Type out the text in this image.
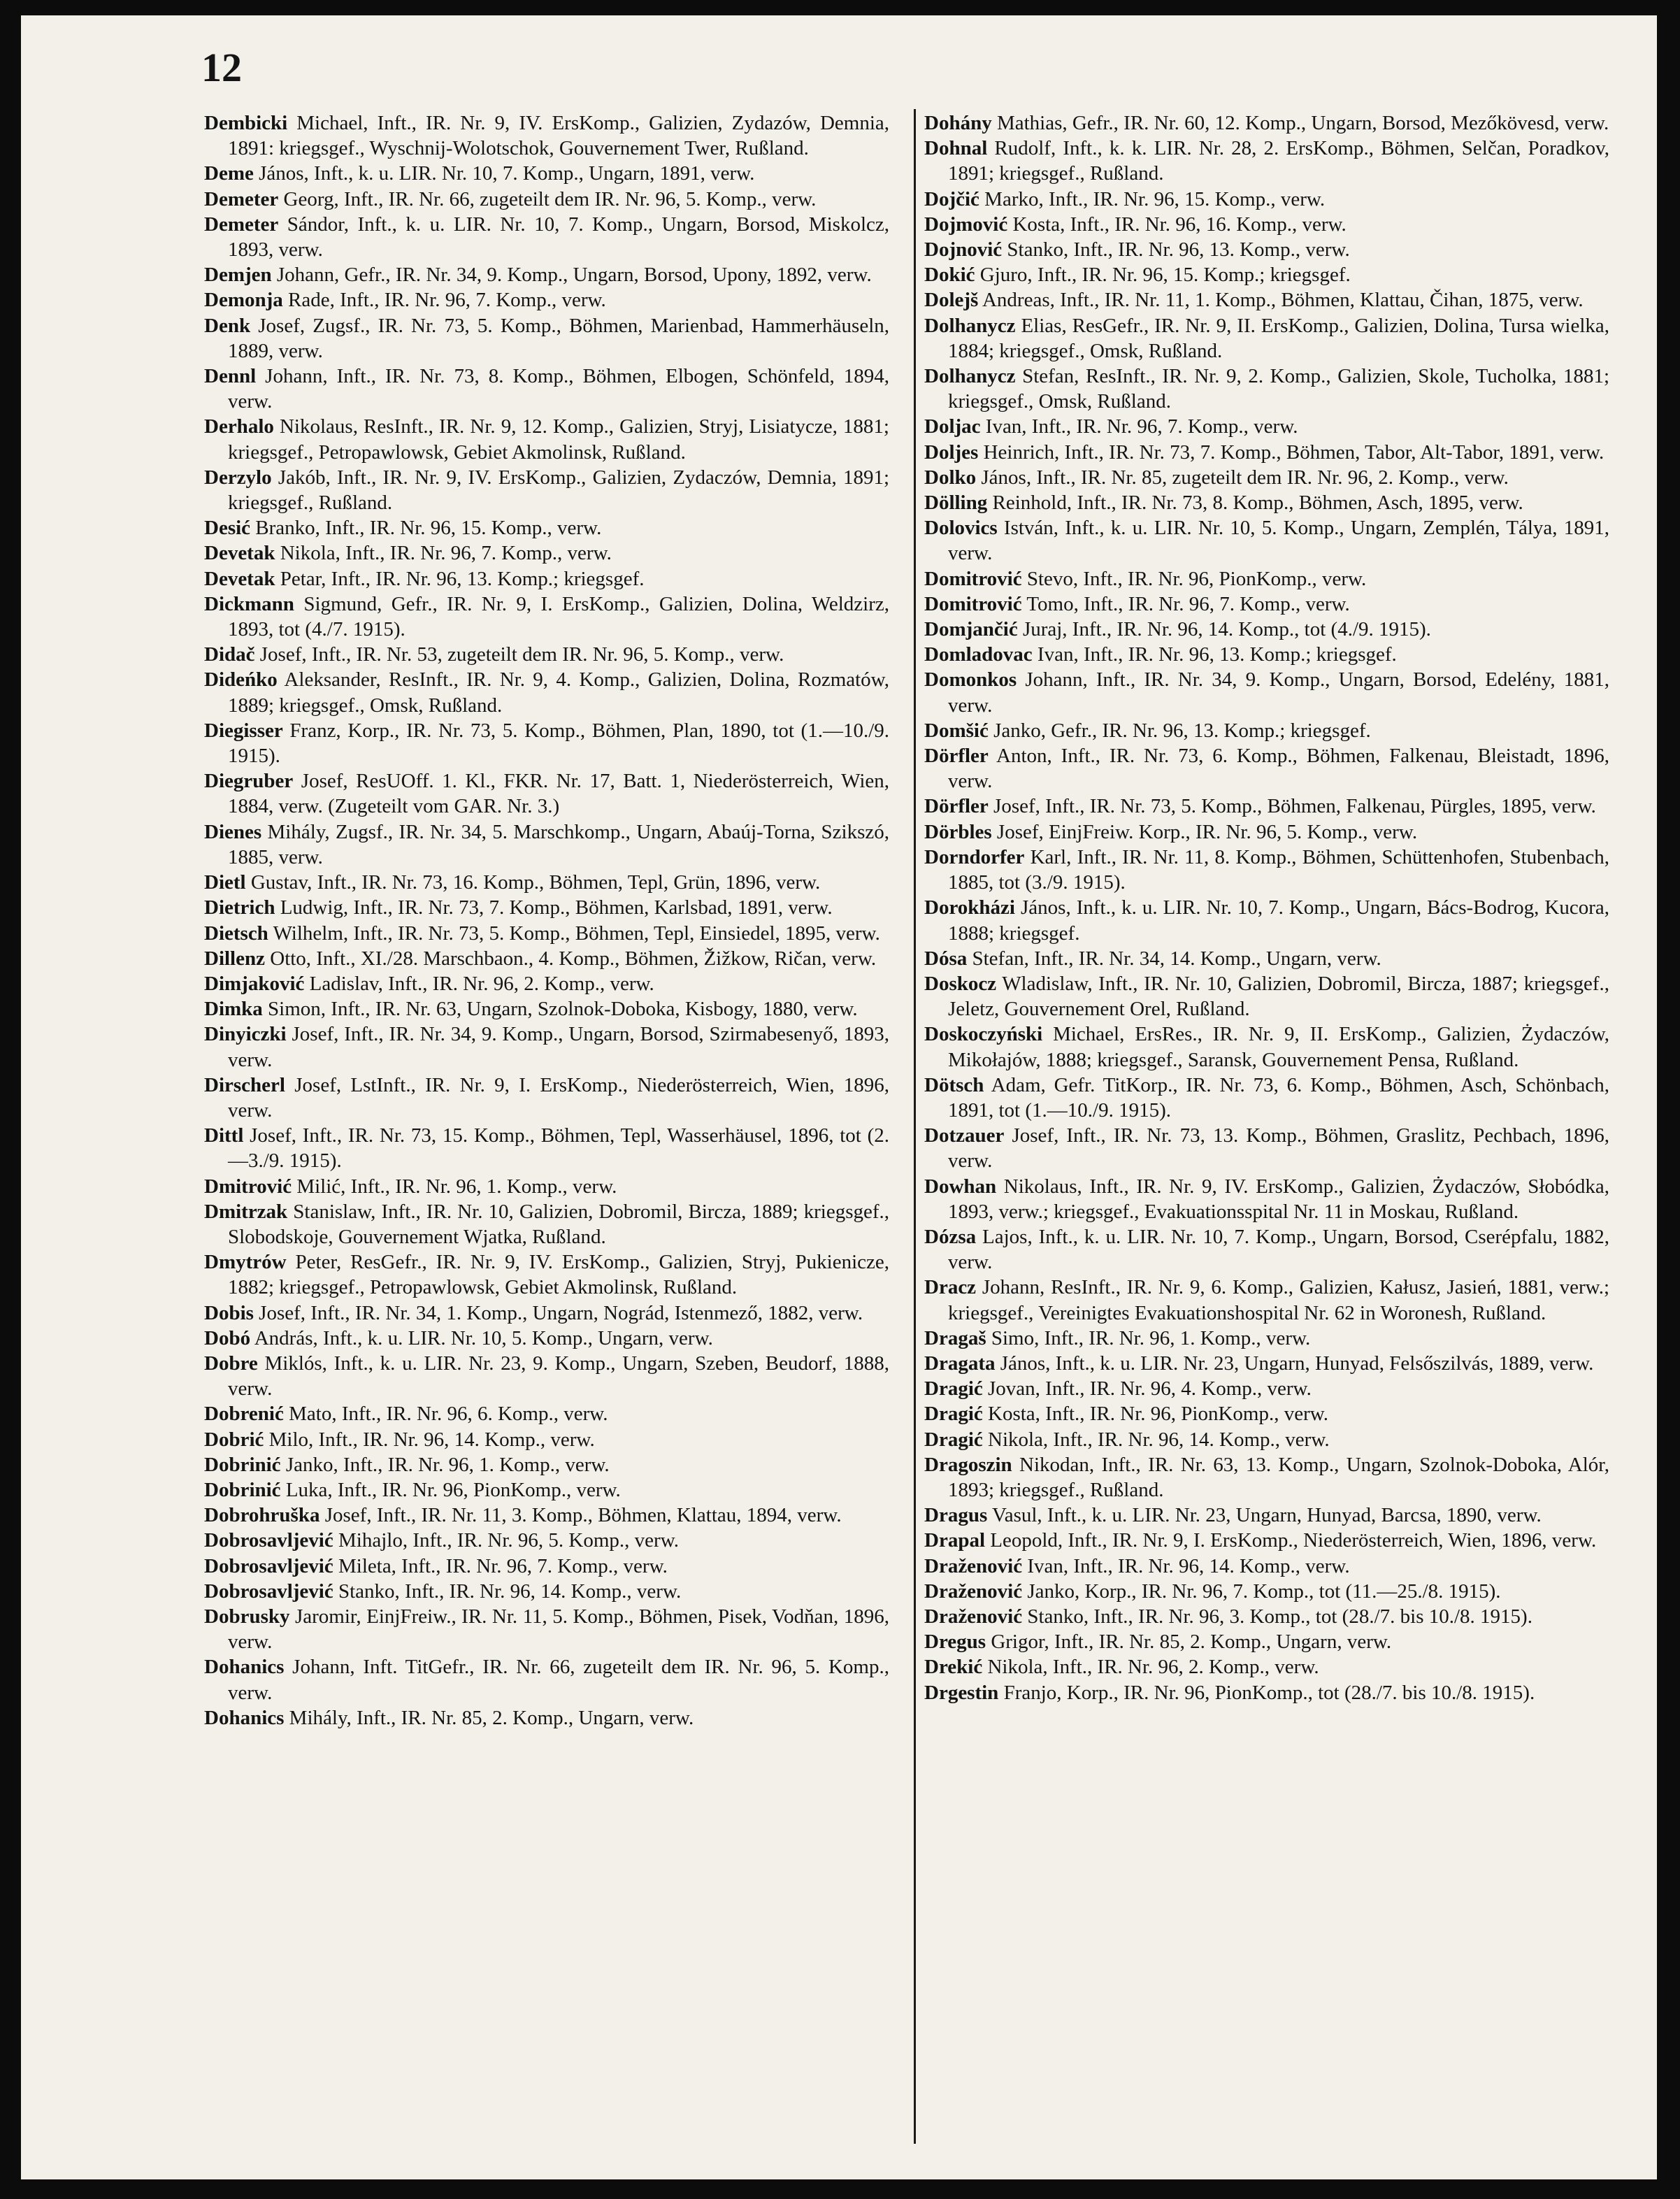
12

Dembicki Michael, Inft., IR. Nr. 9, IV. ErsKomp., Galizien, Zydazów, Demnia, 1891: kriegsgef., Wyschnij-Wolotschok, Gouvernement Twer, Rußland.

Deme János, Inft., k. u. LIR. Nr. 10, 7. Komp., Ungarn, 1891, verw.

Demeter Georg, Inft., IR. Nr. 66, zugeteilt dem IR. Nr. 96, 5. Komp., verw.

Demeter Sándor, Inft., k. u. LIR. Nr. 10, 7. Komp., Ungarn, Borsod, Miskolcz, 1893, verw.

Demjen Johann, Gefr., IR. Nr. 34, 9. Komp., Ungarn, Borsod, Upony, 1892, verw.

Demonja Rade, Inft., IR. Nr. 96, 7. Komp., verw.

Denk Josef, Zugsf., IR. Nr. 73, 5. Komp., Böhmen, Marienbad, Hammerhäuseln, 1889, verw.

Dennl Johann, Inft., IR. Nr. 73, 8. Komp., Böhmen, Elbogen, Schönfeld, 1894, verw.

Derhalo Nikolaus, ResInft., IR. Nr. 9, 12. Komp., Galizien, Stryj, Lisiatycze, 1881; kriegsgef., Petropawlowsk, Gebiet Akmolinsk, Rußland.

Derzylo Jakób, Inft., IR. Nr. 9, IV. ErsKomp., Galizien, Zydaczów, Demnia, 1891; kriegsgef., Rußland.

Desić Branko, Inft., IR. Nr. 96, 15. Komp., verw.

Devetak Nikola, Inft., IR. Nr. 96, 7. Komp., verw.

Devetak Petar, Inft., IR. Nr. 96, 13. Komp.; kriegsgef.

Dickmann Sigmund, Gefr., IR. Nr. 9, I. ErsKomp., Galizien, Dolina, Weldzirz, 1893, tot (4./7. 1915).

Didač Josef, Inft., IR. Nr. 53, zugeteilt dem IR. Nr. 96, 5. Komp., verw.

Dideńko Aleksander, ResInft., IR. Nr. 9, 4. Komp., Galizien, Dolina, Rozmatów, 1889; kriegsgef., Omsk, Rußland.

Diegisser Franz, Korp., IR. Nr. 73, 5. Komp., Böhmen, Plan, 1890, tot (1.—10./9. 1915).

Diegruber Josef, ResUOff. 1. Kl., FKR. Nr. 17, Batt. 1, Niederösterreich, Wien, 1884, verw. (Zugeteilt vom GAR. Nr. 3.)

Dienes Mihály, Zugsf., IR. Nr. 34, 5. Marschkomp., Ungarn, Abaúj-Torna, Szikszó, 1885, verw.

Dietl Gustav, Inft., IR. Nr. 73, 16. Komp., Böhmen, Tepl, Grün, 1896, verw.

Dietrich Ludwig, Inft., IR. Nr. 73, 7. Komp., Böhmen, Karlsbad, 1891, verw.

Dietsch Wilhelm, Inft., IR. Nr. 73, 5. Komp., Böhmen, Tepl, Einsiedel, 1895, verw.

Dillenz Otto, Inft., XI./28. Marschbaon., 4. Komp., Böhmen, Žižkow, Ričan, verw.

Dimjaković Ladislav, Inft., IR. Nr. 96, 2. Komp., verw.

Dimka Simon, Inft., IR. Nr. 63, Ungarn, Szolnok-Doboka, Kisbogy, 1880, verw.

Dinyiczki Josef, Inft., IR. Nr. 34, 9. Komp., Ungarn, Borsod, Szirmabesenyő, 1893, verw.

Dirscherl Josef, LstInft., IR. Nr. 9, I. ErsKomp., Niederösterreich, Wien, 1896, verw.

Dittl Josef, Inft., IR. Nr. 73, 15. Komp., Böhmen, Tepl, Wasserhäusel, 1896, tot (2.—3./9. 1915).

Dmitrović Milić, Inft., IR. Nr. 96, 1. Komp., verw.

Dmitrzak Stanislaw, Inft., IR. Nr. 10, Galizien, Dobromil, Bircza, 1889; kriegsgef., Slobodskoje, Gouvernement Wjatka, Rußland.

Dmytrów Peter, ResGefr., IR. Nr. 9, IV. ErsKomp., Galizien, Stryj, Pukienicze, 1882; kriegsgef., Petropawlowsk, Gebiet Akmolinsk, Rußland.

Dobis Josef, Inft., IR. Nr. 34, 1. Komp., Ungarn, Nográd, Istenmező, 1882, verw.

Dobó András, Inft., k. u. LIR. Nr. 10, 5. Komp., Ungarn, verw.

Dobre Miklós, Inft., k. u. LIR. Nr. 23, 9. Komp., Ungarn, Szeben, Beudorf, 1888, verw.

Dobrenić Mato, Inft., IR. Nr. 96, 6. Komp., verw.

Dobrić Milo, Inft., IR. Nr. 96, 14. Komp., verw.

Dobrinić Janko, Inft., IR. Nr. 96, 1. Komp., verw.

Dobrinić Luka, Inft., IR. Nr. 96, PionKomp., verw.

Dobrohruška Josef, Inft., IR. Nr. 11, 3. Komp., Böhmen, Klattau, 1894, verw.

Dobrosavljević Mihajlo, Inft., IR. Nr. 96, 5. Komp., verw.

Dobrosavljević Mileta, Inft., IR. Nr. 96, 7. Komp., verw.

Dobrosavljević Stanko, Inft., IR. Nr. 96, 14. Komp., verw.

Dobrusky Jaromir, EinjFreiw., IR. Nr. 11, 5. Komp., Böhmen, Pisek, Vodňan, 1896, verw.

Dohanics Johann, Inft. TitGefr., IR. Nr. 66, zugeteilt dem IR. Nr. 96, 5. Komp., verw.

Dohanics Mihály, Inft., IR. Nr. 85, 2. Komp., Ungarn, verw.

Dohány Mathias, Gefr., IR. Nr. 60, 12. Komp., Ungarn, Borsod, Mezőkövesd, verw.

Dohnal Rudolf, Inft., k. k. LIR. Nr. 28, 2. ErsKomp., Böhmen, Selčan, Poradkov, 1891; kriegsgef., Rußland.

Dojčić Marko, Inft., IR. Nr. 96, 15. Komp., verw.

Dojmović Kosta, Inft., IR. Nr. 96, 16. Komp., verw.

Dojnović Stanko, Inft., IR. Nr. 96, 13. Komp., verw.

Dokić Gjuro, Inft., IR. Nr. 96, 15. Komp.; kriegsgef.

Dolejš Andreas, Inft., IR. Nr. 11, 1. Komp., Böhmen, Klattau, Čihan, 1875, verw.

Dolhanycz Elias, ResGefr., IR. Nr. 9, II. ErsKomp., Galizien, Dolina, Tursa wielka, 1884; kriegsgef., Omsk, Rußland.

Dolhanycz Stefan, ResInft., IR. Nr. 9, 2. Komp., Galizien, Skole, Tucholka, 1881; kriegsgef., Omsk, Rußland.

Doljac Ivan, Inft., IR. Nr. 96, 7. Komp., verw.

Doljes Heinrich, Inft., IR. Nr. 73, 7. Komp., Böhmen, Tabor, Alt-Tabor, 1891, verw.

Dolko János, Inft., IR. Nr. 85, zugeteilt dem IR. Nr. 96, 2. Komp., verw.

Dölling Reinhold, Inft., IR. Nr. 73, 8. Komp., Böhmen, Asch, 1895, verw.

Dolovics István, Inft., k. u. LIR. Nr. 10, 5. Komp., Ungarn, Zemplén, Tálya, 1891, verw.

Domitrović Stevo, Inft., IR. Nr. 96, PionKomp., verw.

Domitrović Tomo, Inft., IR. Nr. 96, 7. Komp., verw.

Domjančić Juraj, Inft., IR. Nr. 96, 14. Komp., tot (4./9. 1915).

Domladovac Ivan, Inft., IR. Nr. 96, 13. Komp.; kriegsgef.

Domonkos Johann, Inft., IR. Nr. 34, 9. Komp., Ungarn, Borsod, Edelény, 1881, verw.

Domšić Janko, Gefr., IR. Nr. 96, 13. Komp.; kriegsgef.

Dörfler Anton, Inft., IR. Nr. 73, 6. Komp., Böhmen, Falkenau, Bleistadt, 1896, verw.

Dörfler Josef, Inft., IR. Nr. 73, 5. Komp., Böhmen, Falkenau, Pürgles, 1895, verw.

Dörbles Josef, EinjFreiw. Korp., IR. Nr. 96, 5. Komp., verw.

Dorndorfer Karl, Inft., IR. Nr. 11, 8. Komp., Böhmen, Schüttenhofen, Stubenbach, 1885, tot (3./9. 1915).

Dorokházi János, Inft., k. u. LIR. Nr. 10, 7. Komp., Ungarn, Bács-Bodrog, Kucora, 1888; kriegsgef.

Dósa Stefan, Inft., IR. Nr. 34, 14. Komp., Ungarn, verw.

Doskocz Wladislaw, Inft., IR. Nr. 10, Galizien, Dobromil, Bircza, 1887; kriegsgef., Jeletz, Gouvernement Orel, Rußland.

Doskoczyński Michael, ErsRes., IR. Nr. 9, II. ErsKomp., Galizien, Żydaczów, Mikołajów, 1888; kriegsgef., Saransk, Gouvernement Pensa, Rußland.

Dötsch Adam, Gefr. TitKorp., IR. Nr. 73, 6. Komp., Böhmen, Asch, Schönbach, 1891, tot (1.—10./9. 1915).

Dotzauer Josef, Inft., IR. Nr. 73, 13. Komp., Böhmen, Graslitz, Pechbach, 1896, verw.

Dowhan Nikolaus, Inft., IR. Nr. 9, IV. ErsKomp., Galizien, Żydaczów, Słobódka, 1893, verw.; kriegsgef., Evakuationsspital Nr. 11 in Moskau, Rußland.

Dózsa Lajos, Inft., k. u. LIR. Nr. 10, 7. Komp., Ungarn, Borsod, Cserépfalu, 1882, verw.

Dracz Johann, ResInft., IR. Nr. 9, 6. Komp., Galizien, Kałusz, Jasień, 1881, verw.; kriegsgef., Vereinigtes Evakuationshospital Nr. 62 in Woronesh, Rußland.

Dragaš Simo, Inft., IR. Nr. 96, 1. Komp., verw.

Dragata János, Inft., k. u. LIR. Nr. 23, Ungarn, Hunyad, Felsőszilvás, 1889, verw.

Dragić Jovan, Inft., IR. Nr. 96, 4. Komp., verw.

Dragić Kosta, Inft., IR. Nr. 96, PionKomp., verw.

Dragić Nikola, Inft., IR. Nr. 96, 14. Komp., verw.

Dragoszin Nikodan, Inft., IR. Nr. 63, 13. Komp., Ungarn, Szolnok-Doboka, Alór, 1893; kriegsgef., Rußland.

Dragus Vasul, Inft., k. u. LIR. Nr. 23, Ungarn, Hunyad, Barcsa, 1890, verw.

Drapal Leopold, Inft., IR. Nr. 9, I. ErsKomp., Niederösterreich, Wien, 1896, verw.

Draženović Ivan, Inft., IR. Nr. 96, 14. Komp., verw.

Draženović Janko, Korp., IR. Nr. 96, 7. Komp., tot (11.—25./8. 1915).

Draženović Stanko, Inft., IR. Nr. 96, 3. Komp., tot (28./7. bis 10./8. 1915).

Dregus Grigor, Inft., IR. Nr. 85, 2. Komp., Ungarn, verw.

Drekić Nikola, Inft., IR. Nr. 96, 2. Komp., verw.

Drgestin Franjo, Korp., IR. Nr. 96, PionKomp., tot (28./7. bis 10./8. 1915).
